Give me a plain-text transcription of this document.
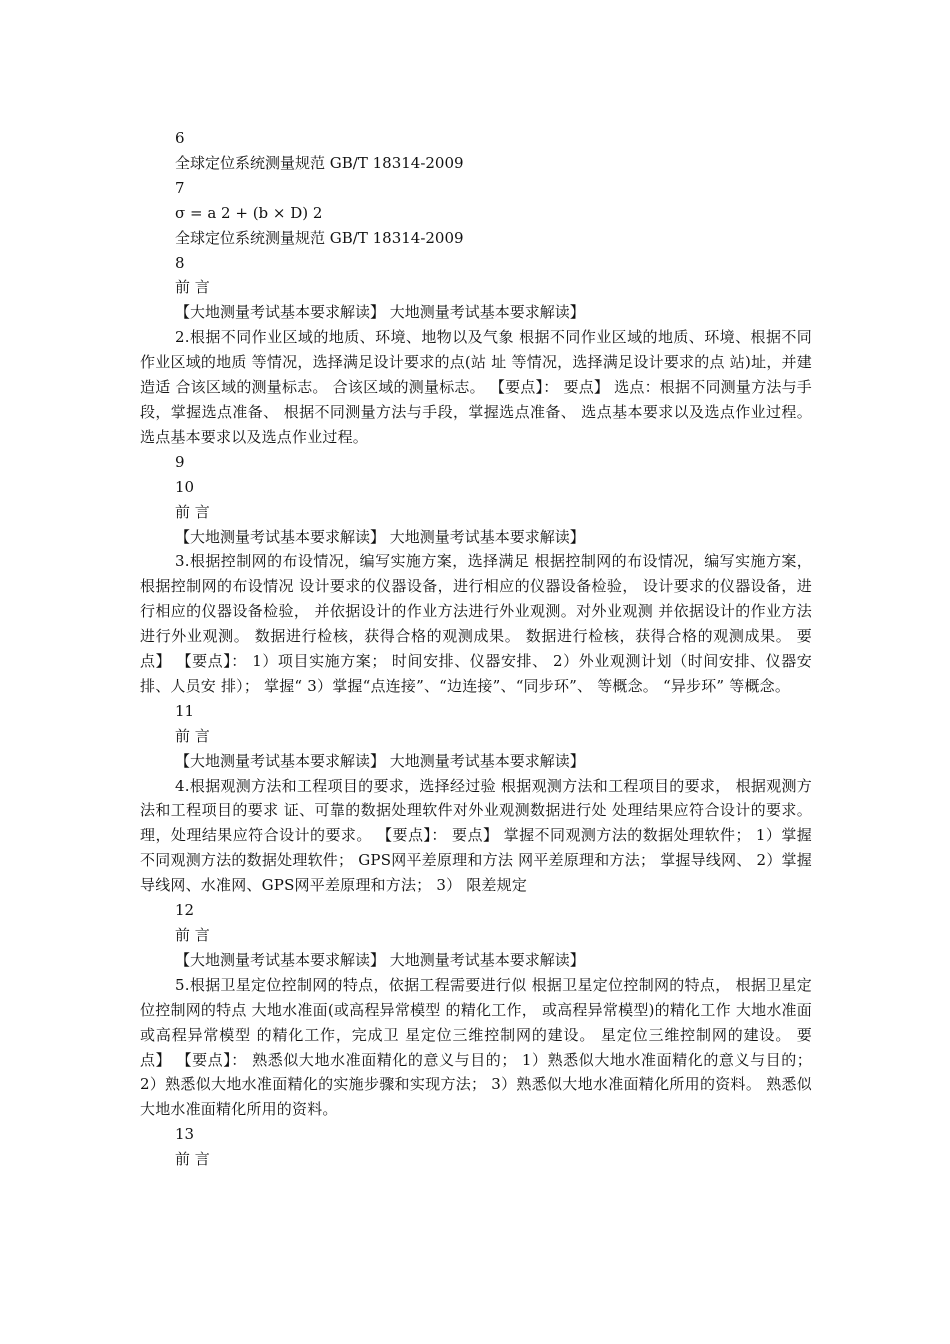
6

全球定位系统测量规范 GB/T 18314-2009

7

σ = a 2 + (b × D) 2

全球定位系统测量规范 GB/T 18314-2009

8

前 言

【大地测量考试基本要求解读】 大地测量考试基本要求解读】

2.根据不同作业区域的地质、环境、地物以及气象 根据不同作业区域的地质、环境、根据不同作业区域的地质 等情况，选择满足设计要求的点(站 址 等情况，选择满足设计要求的点 站)址，并建造适 合该区域的测量标志。 合该区域的测量标志。 【要点】： 要点】 选点：根据不同测量方法与手段，掌握选点准备、 根据不同测量方法与手段，掌握选点准备、 选点基本要求以及选点作业过程。 选点基本要求以及选点作业过程。

9

10

前 言

【大地测量考试基本要求解读】 大地测量考试基本要求解读】

3.根据控制网的布设情况，编写实施方案，选择满足 根据控制网的布设情况，编写实施方案， 根据控制网的布设情况 设计要求的仪器设备，进行相应的仪器设备检验， 设计要求的仪器设备，进行相应的仪器设备检验， 并依据设计的作业方法进行外业观测。对外业观测 并依据设计的作业方法进行外业观测。 数据进行检核，获得合格的观测成果。 数据进行检核，获得合格的观测成果。 要点】 【要点】： 1）项目实施方案； 时间安排、仪器安排、 2）外业观测计划（时间安排、仪器安排、人员安 排）； 掌握“ 3）掌握“点连接”、“边连接”、“同步环”、 等概念。 “异步环” 等概念。

11

前 言

【大地测量考试基本要求解读】 大地测量考试基本要求解读】

4.根据观测方法和工程项目的要求，选择经过验 根据观测方法和工程项目的要求， 根据观测方法和工程项目的要求 证、可靠的数据处理软件对外业观测数据进行处 处理结果应符合设计的要求。 理，处理结果应符合设计的要求。 【要点】： 要点】 掌握不同观测方法的数据处理软件； 1）掌握不同观测方法的数据处理软件； GPS网平差原理和方法 网平差原理和方法； 掌握导线网、 2）掌握导线网、水准网、GPS网平差原理和方法； 3） 限差规定

12

前 言

【大地测量考试基本要求解读】 大地测量考试基本要求解读】

5.根据卫星定位控制网的特点，依据工程需要进行似 根据卫星定位控制网的特点， 根据卫星定位控制网的特点 大地水准面(或高程异常模型 的精化工作， 或高程异常模型)的精化工作 大地水准面 或高程异常模型 的精化工作，完成卫 星定位三维控制网的建设。 星定位三维控制网的建设。 要点】 【要点】： 熟悉似大地水准面精化的意义与目的； 1）熟悉似大地水准面精化的意义与目的； 2）熟悉似大地水准面精化的实施步骤和实现方法； 3）熟悉似大地水准面精化所用的资料。 熟悉似大地水准面精化所用的资料。

13

前 言
